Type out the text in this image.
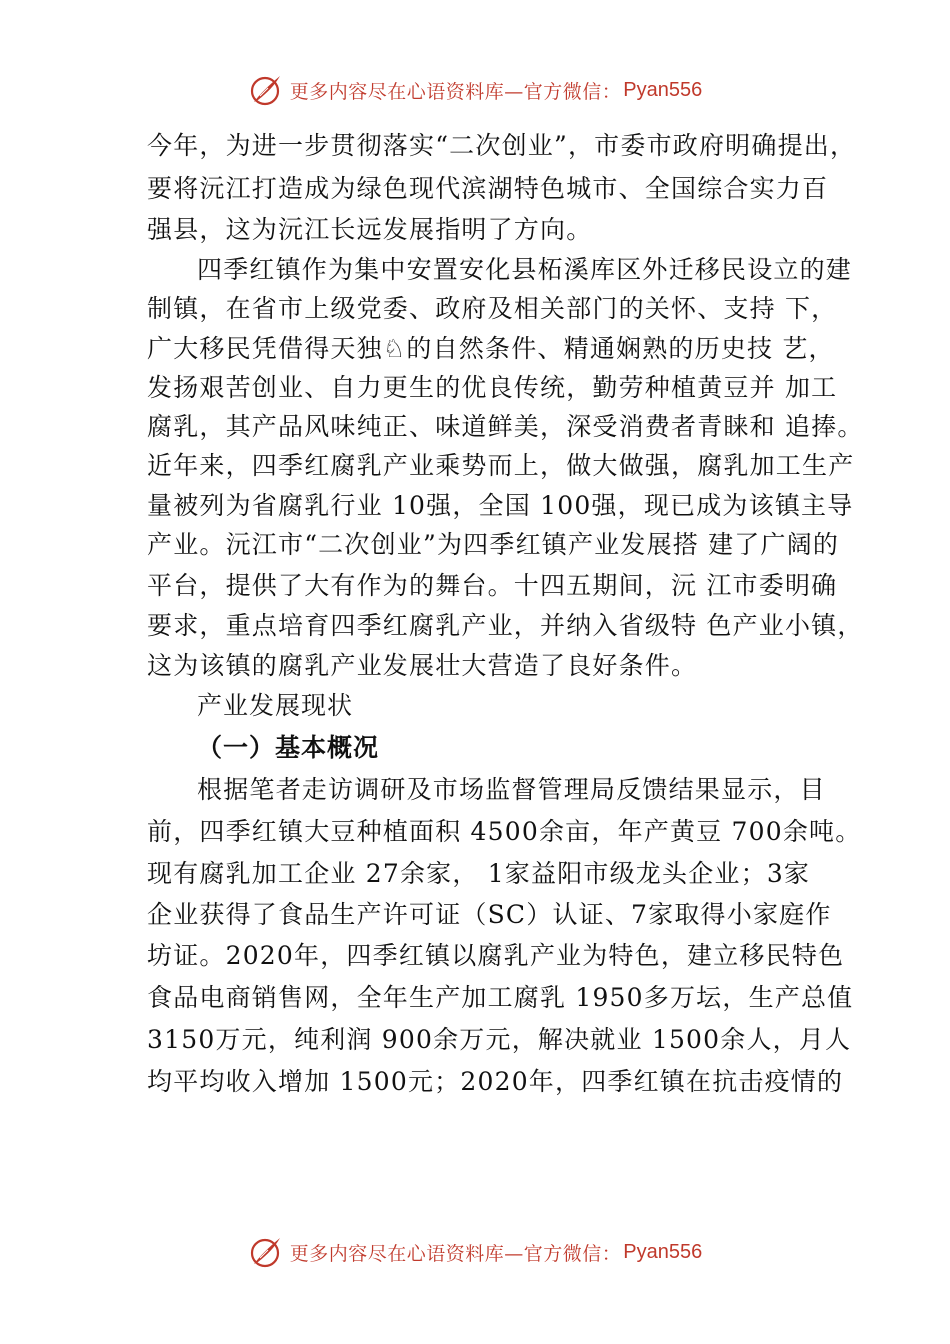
更多内容尽在心语资料库—官方微信： Pyan556
今年，为进一步贯彻落实“二次创业”，市委市政府明确提出，
要将沅江打造成为绿色现代滨湖特色城市、全国综合实力百
强县，这为沅江长远发展指明了方向。
四季红镇作为集中安置安化县柘溪库区外迁移民设立的建
制镇，在省市上级党委、政府及相关部门的关怀、支持 下，
广大移民凭借得天独♘的自然条件、精通娴熟的历史技 艺，
发扬艰苦创业、自力更生的优良传统，勤劳种植黄豆并 加工
腐乳，其产品风味纯正、味道鲜美，深受消费者青睐和 追捧。
近年来，四季红腐乳产业乘势而上，做大做强，腐乳加工生产
量被列为省腐乳行业 10强，全国 100强，现已成为该镇主导
产业。沅江市“二次创业”为四季红镇产业发展搭 建了广阔的
平台，提供了大有作为的舞台。十四五期间，沅 江市委明确
要求，重点培育四季红腐乳产业，并纳入省级特 色产业小镇，
这为该镇的腐乳产业发展壮大营造了良好条件。
产业发展现状
（一）基本概况
根据笔者走访调研及市场监督管理局反馈结果显示，目
前，四季红镇大豆种植面积 4500余亩，年产黄豆 700余吨。
现有腐乳加工企业 27余家， 1家益阳市级龙头企业；3家
企业获得了食品生产许可证（SC）认证、7家取得小家庭作
坊证。2020年，四季红镇以腐乳产业为特色，建立移民特色
食品电商销售网，全年生产加工腐乳 1950多万坛，生产总值
3150万元，纯利润 900余万元，解决就业 1500余人，月人
均平均收入增加 1500元；2020年，四季红镇在抗击疫情的
更多内容尽在心语资料库—官方微信： Pyan556
